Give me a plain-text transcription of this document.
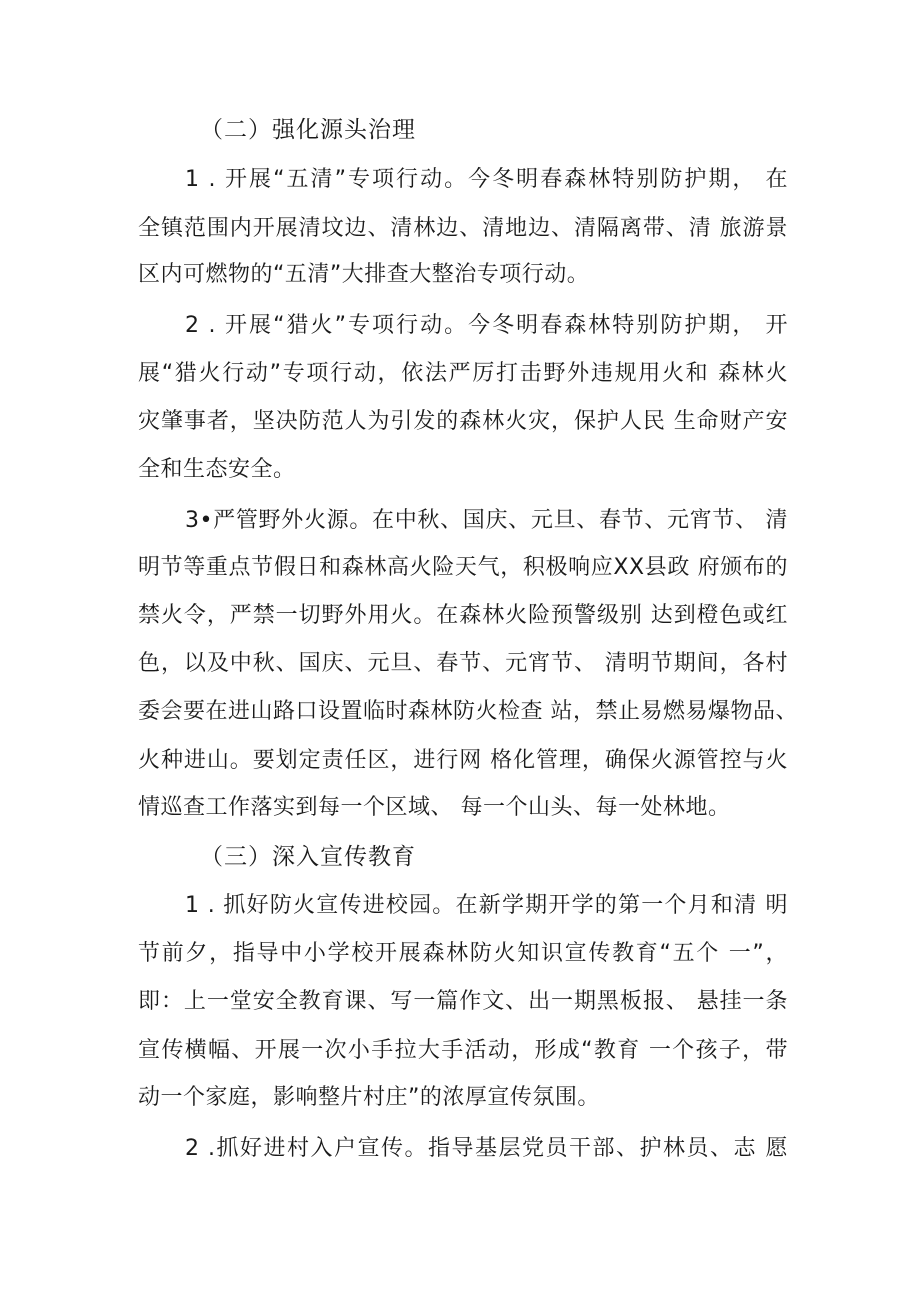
（二）强化源头治理
1 . 开展“五清”专项行动。今冬明春森林特别防护期， 在
全镇范围内开展清坟边、清林边、清地边、清隔离带、清 旅游景
区内可燃物的“五清”大排查大整治专项行动。
2 . 开展“猎火”专项行动。今冬明春森林特别防护期， 开
展“猎火行动”专项行动，依法严厉打击野外违规用火和 森林火
灾肇事者，坚决防范人为引发的森林火灾，保护人民 生命财产安
全和生态安全。
3•严管野外火源。在中秋、国庆、元旦、春节、元宵节、 清
明节等重点节假日和森林高火险天气，积极响应XX县政 府颁布的
禁火令，严禁一切野外用火。在森林火险预警级别 达到橙色或红
色，以及中秋、国庆、元旦、春节、元宵节、 清明节期间，各村
委会要在进山路口设置临时森林防火检查 站，禁止易燃易爆物品、
火种进山。要划定责任区，进行网 格化管理，确保火源管控与火
情巡查工作落实到每一个区域、 每一个山头、每一处林地。
（三）深入宣传教育
1 . 抓好防火宣传进校园。在新学期开学的第一个月和清 明
节前夕，指导中小学校开展森林防火知识宣传教育“五个 一”，
即：上一堂安全教育课、写一篇作文、出一期黑板报、 悬挂一条
宣传横幅、开展一次小手拉大手活动，形成“教育 一个孩子，带
动一个家庭，影响整片村庄”的浓厚宣传氛围。
2 .抓好进村入户宣传。指导基层党员干部、护林员、志 愿
